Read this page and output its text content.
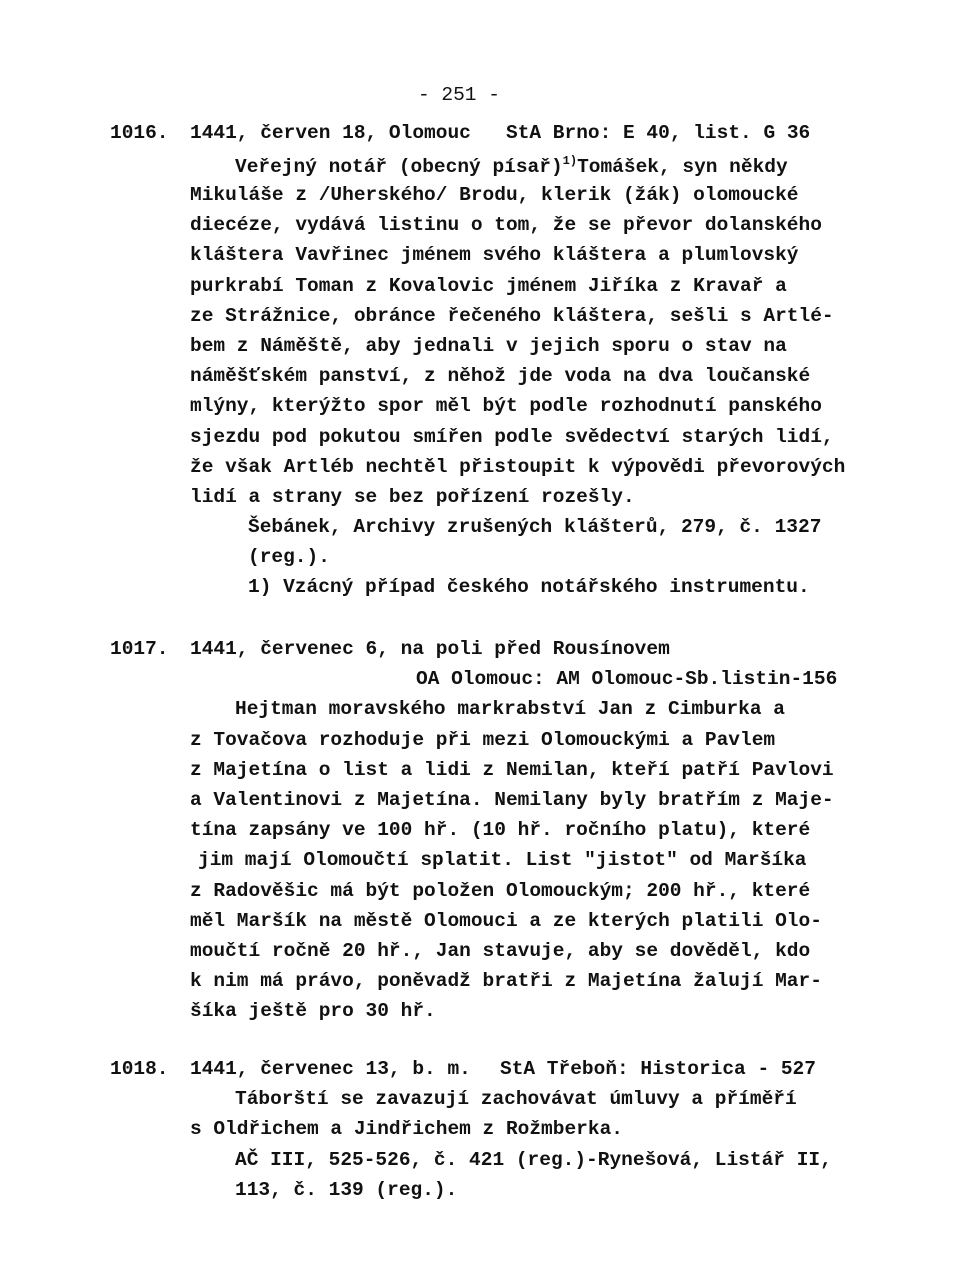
- 251 -
1016. 1441, červen 18, Olomouc StA Brno: E 40, list. G 36
Veřejný notář (obecný písař)$^{1)}$Tomášek, syn někdy
Mikuláše z /Uherského/ Brodu, klerik (žák) olomoucké
diecéze, vydává listinu o tom, že se převor dolanského
kláštera Vavřinec jménem svého kláštera a plumlovský
purkrabí Toman z Kovalovic jménem Jiříka z Kravař a
ze Strážnice, obránce řečeného kláštera, sešli s Artlé-
bem z Náměště, aby jednali v jejich sporu o stav na
náměšťském panství, z něhož jde voda na dva loučanské
mlýny, kterýžto spor měl být podle rozhodnutí panského
sjezdu pod pokutou smířen podle svědectví starých lidí,
že však Artléb nechtěl přistoupit k výpovědi převorových
lidí a strany se bez pořízení rozešly.
Šebánek, Archivy zrušených klášterů, 279, č. 1327
(reg.).
1) Vzácný případ českého notářského instrumentu.
1017. 1441, červenec 6, na poli před Rousínovem
OA Olomouc: AM Olomouc-Sb.listin-156
Hejtman moravského markrabství Jan z Cimburka a
z Tovačova rozhoduje při mezi Olomouckými a Pavlem
z Majetína o list a lidi z Nemilan, kteří patří Pavlovi
a Valentinovi z Majetína. Nemilany byly bratřím z Maje-
tína zapsány ve 100 hř. (10 hř. ročního platu), které
jim mají Olomoučtí splatit. List "jistot" od Maršíka
z Radověšic má být položen Olomouckým; 200 hř., které
měl Maršík na městě Olomouci a ze kterých platili Olo-
moučtí ročně 20 hř., Jan stavuje, aby se dověděl, kdo
k nim má právo, poněvadž bratři z Majetína žalují Mar-
šíka ještě pro 30 hř.
1018. 1441, červenec 13, b. m. StA Třeboň: Historica - 527
Táborští se zavazují zachovávat úmluvy a příměří
s Oldřichem a Jindřichem z Rožmberka.
AČ III, 525-526, č. 421 (reg.)-Rynešová, Listář II,
113, č. 139 (reg.).
